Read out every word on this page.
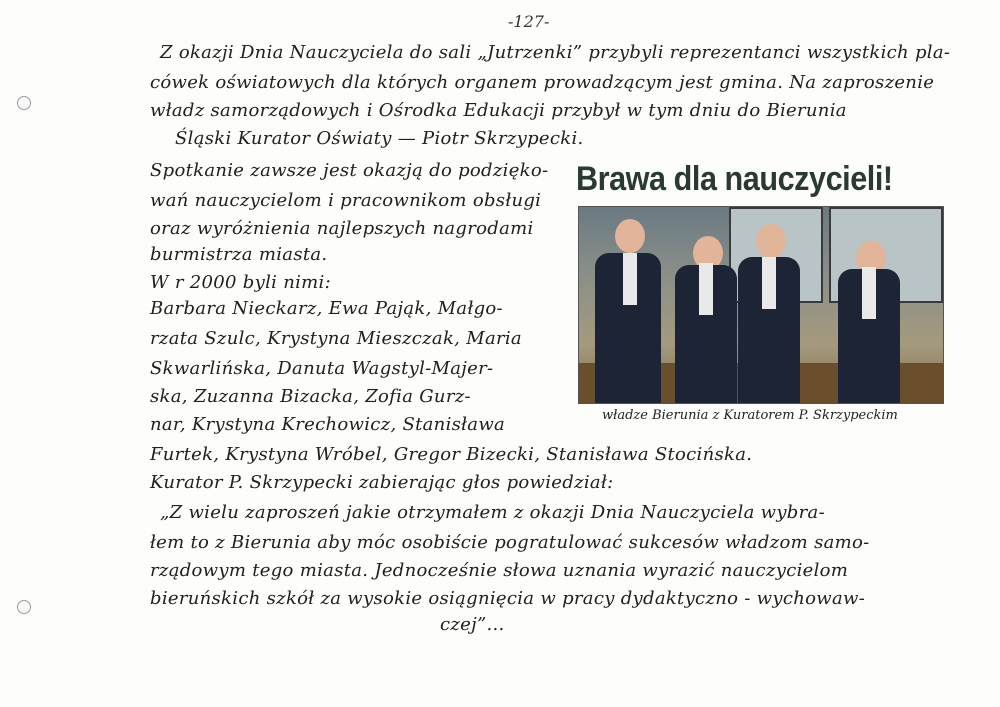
-127-
Z okazji Dnia Nauczyciela do sali „Jutrzenki” przybyli reprezentanci wszystkich pla-
cówek oświatowych dla których organem prowadzącym jest gmina. Na zaproszenie
władz samorządowych i Ośrodka Edukacji przybył w tym dniu do Bierunia
Śląski Kurator Oświaty — Piotr Skrzypecki.
Spotkanie zawsze jest okazją do podzięko-
wań nauczycielom i pracownikom obsługi
oraz wyróżnienia najlepszych nagrodami
burmistrza miasta.
W r 2000 byli nimi:
Barbara Nieckarz, Ewa Pająk, Małgo-
rzata Szulc, Krystyna Mieszczak, Maria
Skwarlińska, Danuta Wagstyl-Majer-
ska, Zuzanna Bizacka, Zofia Gurz-
nar, Krystyna Krechowicz, Stanisława
Furtek, Krystyna Wróbel, Gregor Bizecki, Stanisława Stocińska.
Kurator P. Skrzypecki zabierając głos powiedział:
„Z wielu zaproszeń jakie otrzymałem z okazji Dnia Nauczyciela wybra-
łem to z Bierunia aby móc osobiście pogratulować sukcesów władzom samo-
rządowym tego miasta. Jednocześnie słowa uznania wyrazić nauczycielom
bieruńskich szkół za wysokie osiągnięcia w pracy dydaktyczno - wychowaw-
czej”...
Brawa dla nauczycieli!
władze Bierunia z Kuratorem P. Skrzypeckim
